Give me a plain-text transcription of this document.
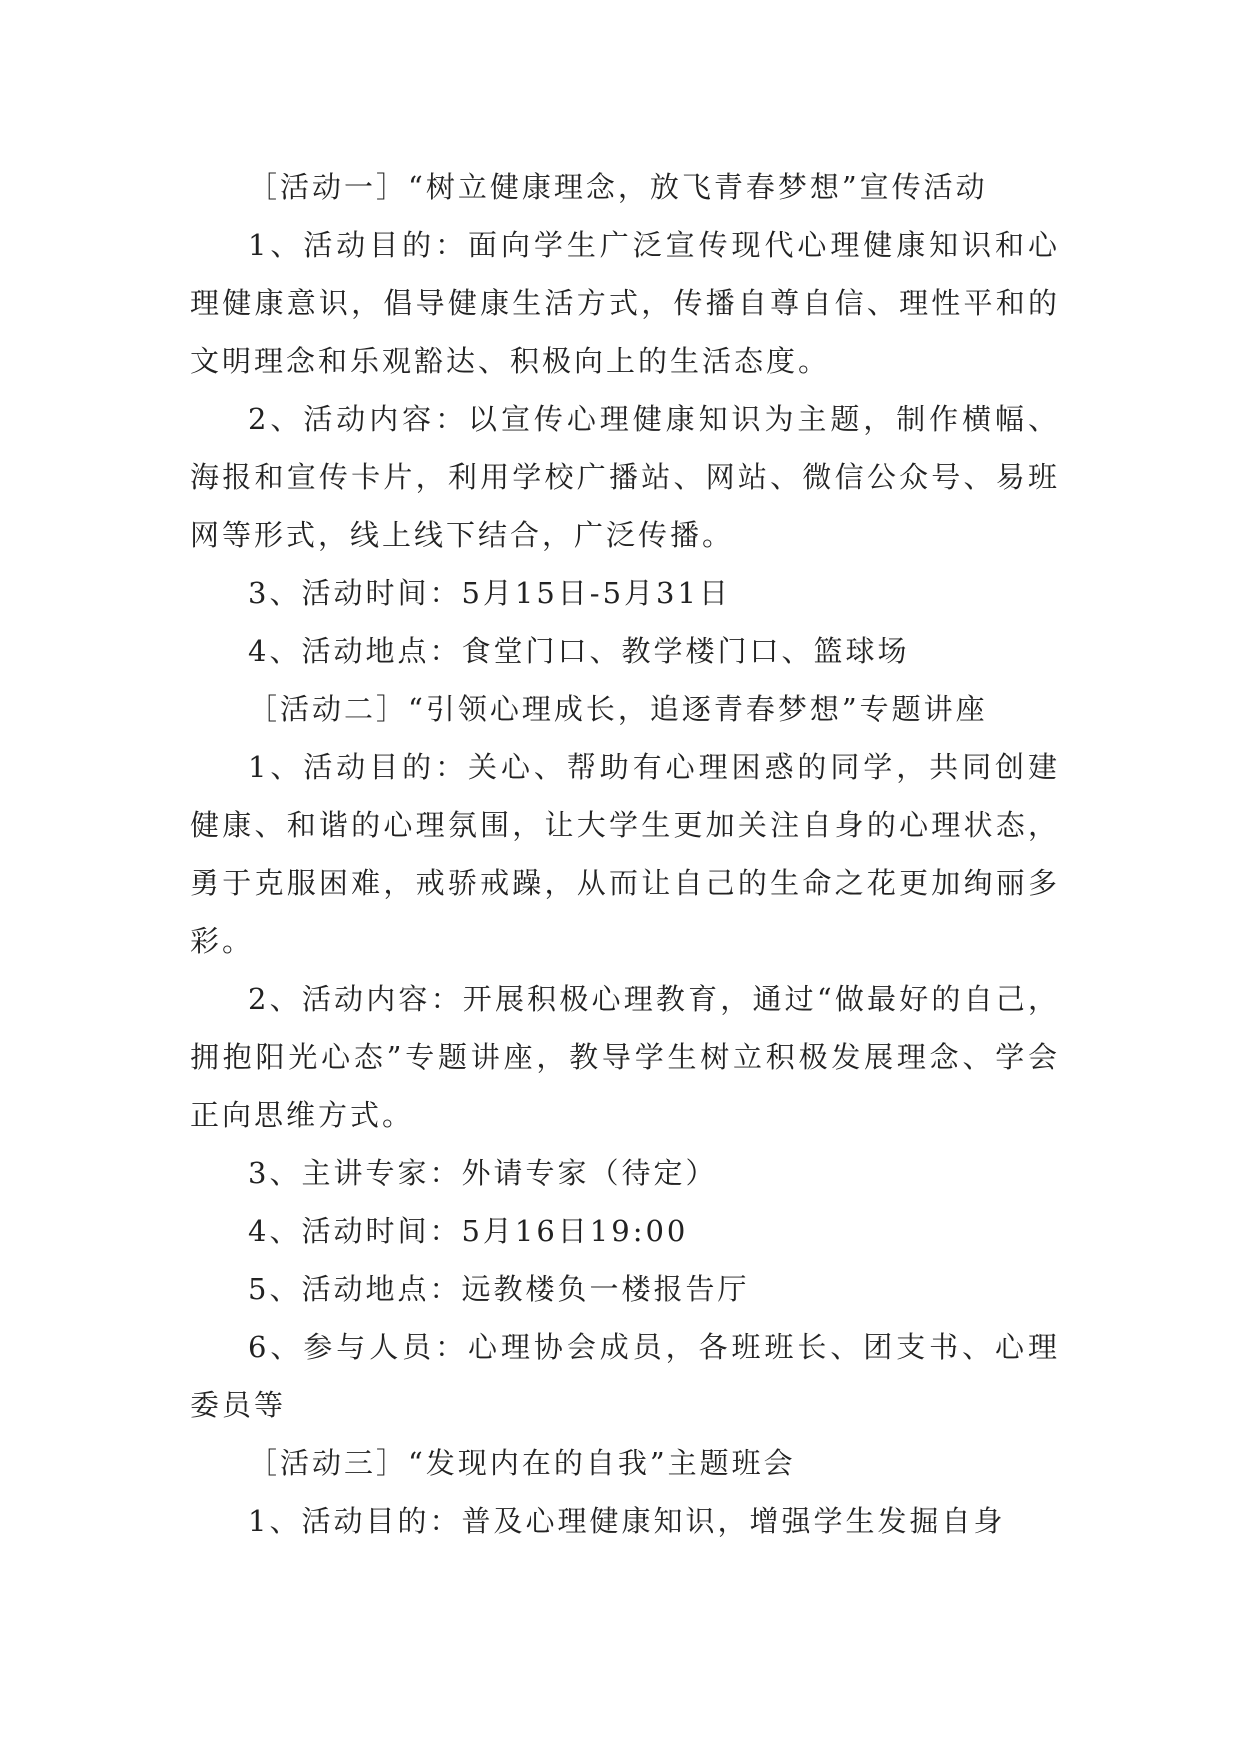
［活动一］“树立健康理念，放飞青春梦想”宣传活动

1、活动目的：面向学生广泛宣传现代心理健康知识和心理健康意识，倡导健康生活方式，传播自尊自信、理性平和的文明理念和乐观豁达、积极向上的生活态度。

2、活动内容：以宣传心理健康知识为主题，制作横幅、海报和宣传卡片，利用学校广播站、网站、微信公众号、易班网等形式，线上线下结合，广泛传播。

3、活动时间：5月15日-5月31日

4、活动地点：食堂门口、教学楼门口、篮球场

［活动二］“引领心理成长，追逐青春梦想”专题讲座

1、活动目的：关心、帮助有心理困惑的同学，共同创建健康、和谐的心理氛围，让大学生更加关注自身的心理状态，勇于克服困难，戒骄戒躁，从而让自己的生命之花更加绚丽多彩。

2、活动内容：开展积极心理教育，通过“做最好的自己，拥抱阳光心态”专题讲座，教导学生树立积极发展理念、学会正向思维方式。

3、主讲专家：外请专家（待定）

4、活动时间：5月16日19:00

5、活动地点：远教楼负一楼报告厅

6、参与人员：心理协会成员，各班班长、团支书、心理委员等

［活动三］“发现内在的自我”主题班会

1、活动目的：普及心理健康知识，增强学生发掘自身
